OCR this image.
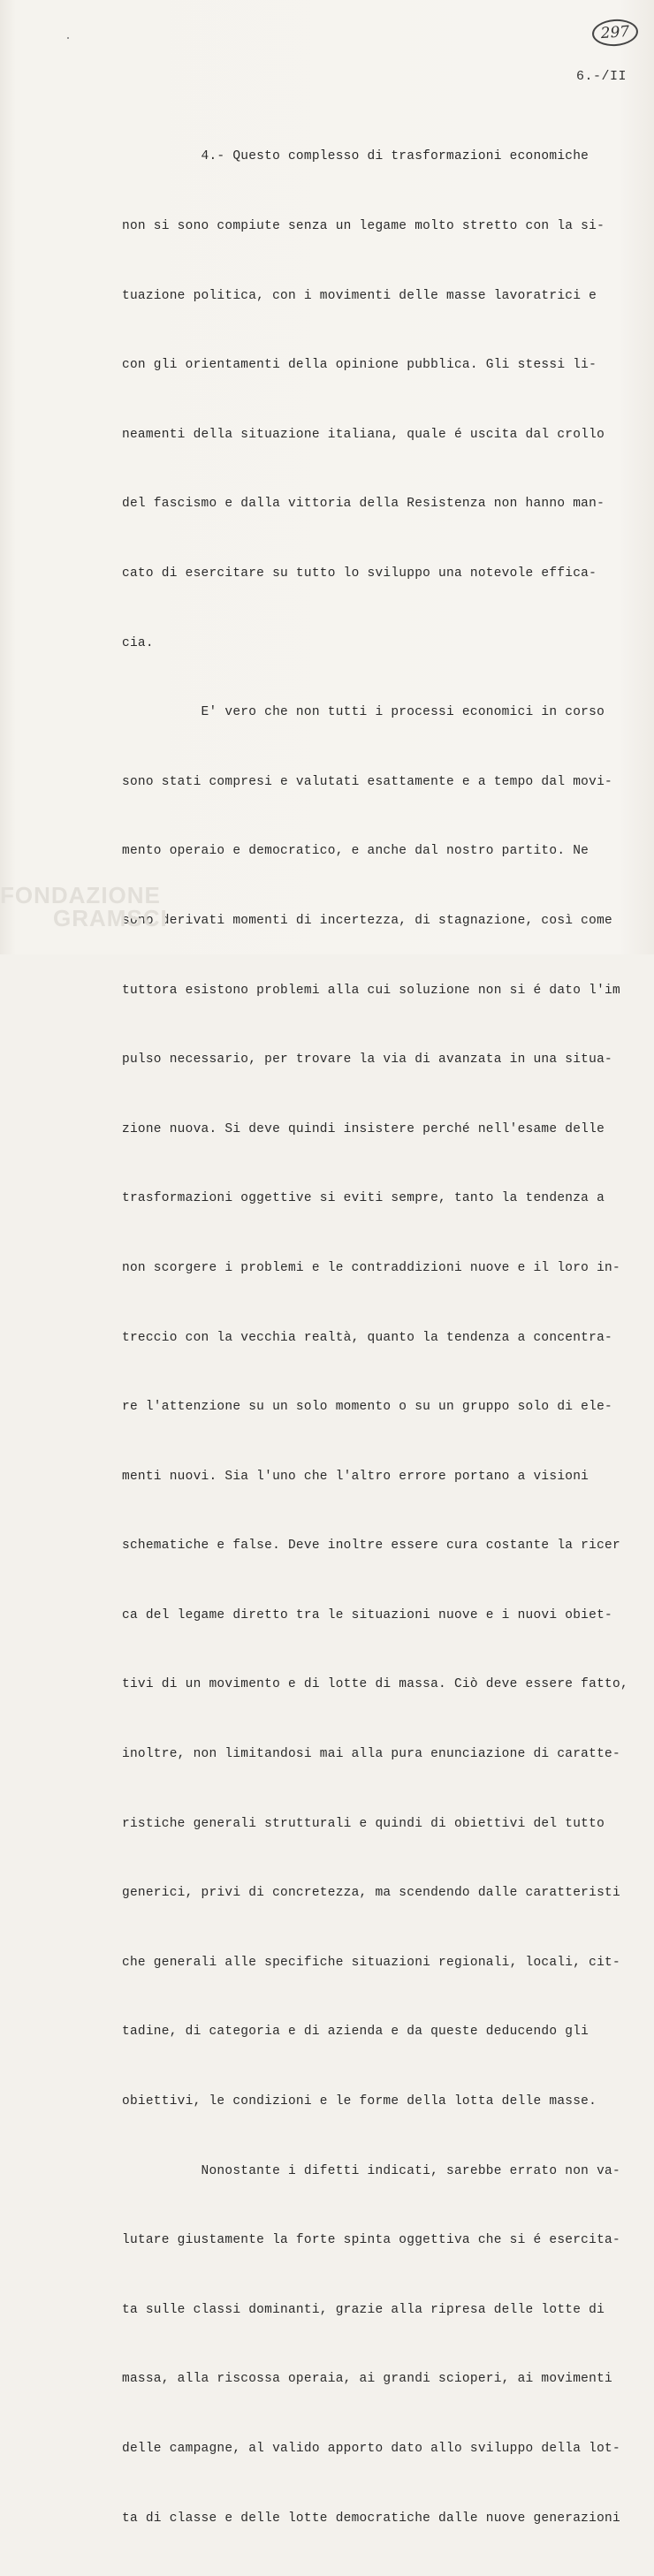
297
6.-/II

4.- Questo complesso di trasformazioni economiche

non si sono compiute senza un legame molto stretto con la si-

tuazione politica, con i movimenti delle masse lavoratrici e

con gli orientamenti della opinione pubblica. Gli stessi li-

neamenti della situazione italiana, quale é uscita dal crollo

del fascismo e dalla vittoria della Resistenza non hanno man-

cato di esercitare su tutto lo sviluppo una notevole effica-

cia.

E' vero che non tutti i processi economici in corso

sono stati compresi e valutati esattamente e a tempo dal movi-

mento operaio e democratico, e anche dal nostro partito. Ne

sono derivati momenti di incertezza, di stagnazione, così come

tuttora esistono problemi alla cui soluzione non si é dato l'im

pulso necessario, per trovare la via di avanzata in una situa-

zione nuova. Si deve quindi insistere perché nell'esame delle

trasformazioni oggettive si eviti sempre, tanto la tendenza a

non scorgere i problemi e le contraddizioni nuove e il loro in-

treccio con la vecchia realtà, quanto la tendenza a concentra-

re l'attenzione su un solo momento o su un gruppo solo di ele-

menti nuovi. Sia l'uno che l'altro errore portano a visioni

schematiche e false. Deve inoltre essere cura costante la ricer

ca del legame diretto tra le situazioni nuove e i nuovi obiet-

tivi di un movimento e di lotte di massa. Ciò deve essere fatto,

inoltre, non limitandosi mai alla pura enunciazione di caratte-

ristiche generali strutturali e quindi di obiettivi del tutto

generici, privi di concretezza, ma scendendo dalle caratteristi

che generali alle specifiche situazioni regionali, locali, cit-

tadine, di categoria e di azienda e da queste deducendo gli

obiettivi, le condizioni e le forme della lotta delle masse.

Nonostante i difetti indicati, sarebbe errato non va-

lutare giustamente la forte spinta oggettiva che si é esercita-

ta sulle classi dominanti, grazie alla ripresa delle lotte di

massa, alla riscossa operaia, ai grandi scioperi, ai movimenti

delle campagne, al valido apporto dato allo sviluppo della lot-

ta di classe e delle lotte democratiche dalle nuove generazioni

FONDAZIONE
GRAMSCI
